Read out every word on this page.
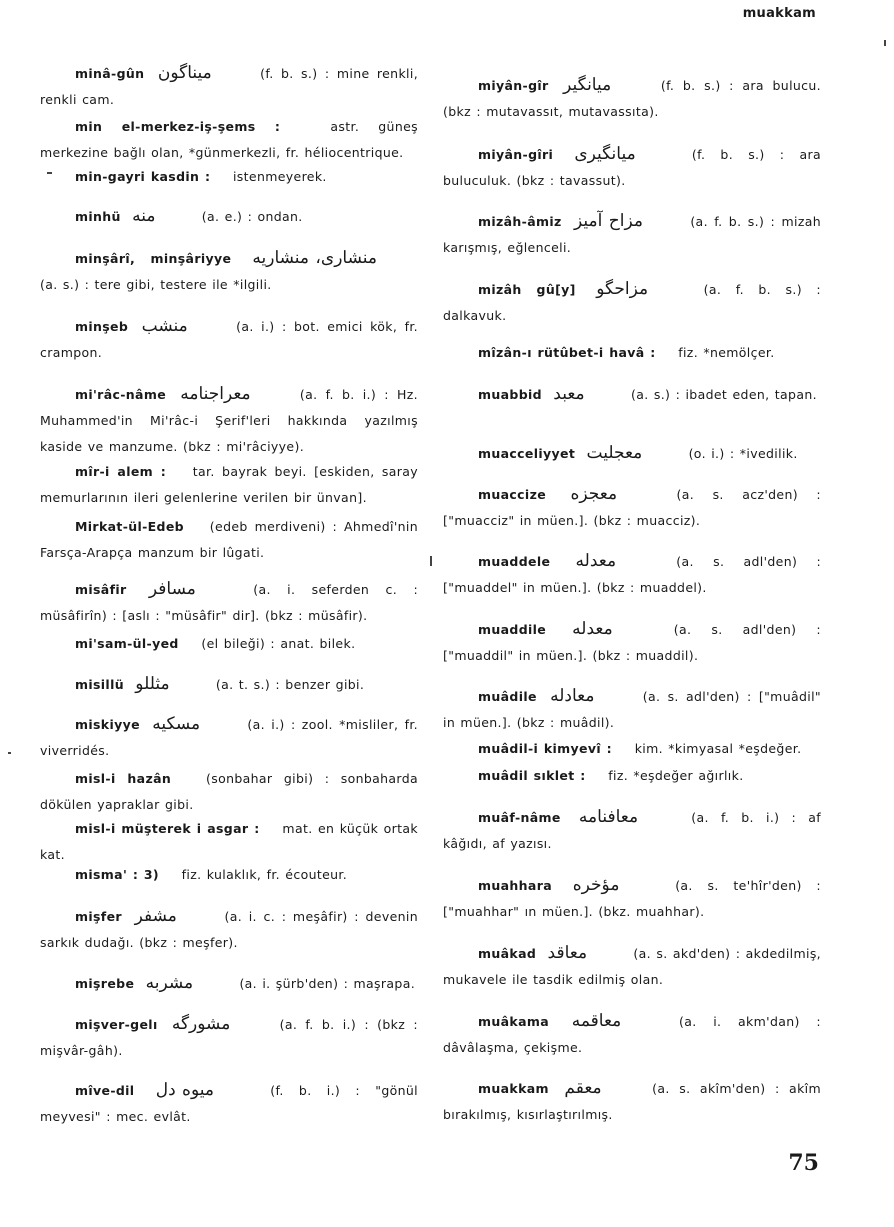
muakkam
minâ-gûn میناگون	(f. b. s.) : mine renkli, renkli cam.
min el-merkez-iş-şems :	astr. güneş merkezine bağlı olan, *günmerkezli, fr. héliocentrique.
min-gayri kasdin : istenmeyerek.
minhü منه	(a. e.) : ondan.
minşârî, minşâriyye منشاری، منشاریه (a. s.) : tere gibi, testere ile *ilgili.
minşeb منشب	(a. i.) : bot. emici kök, fr. crampon.
mi'râc-nâme معراجنامه	(a. f. b. i.) : Hz. Muhammed'in Mi'râc-i Şerif'leri hakkında yazılmış kaside ve manzume. (bkz : mi'râciyye).
mîr-i alem : tar. bayrak beyi. [eskiden, saray memurlarının ileri gelenlerine verilen bir ünvan].
Mirkat-ül-Edeb (edeb merdiveni) : Ahmedî'nin Farsça-Arapça manzum bir lûgati.
misâfir مسافر	(a. i. seferden c. : müsâfirîn) : [aslı : "müsâfir" dir]. (bkz : müsâfir).
mi'sam-ül-yed (el bileği) : anat. bilek.
misillü مثللو	(a. t. s.) : benzer gibi.
miskiyye مسكیه	(a. i.) : zool. *misliler, fr. viverridés.
misl-i hazân	(sonbahar gibi) : sonbaharda dökülen yapraklar gibi.
misl-i müşterek i asgar : mat. en küçük ortak kat.
misma' : 3) fiz. kulaklık, fr. écouteur.
mişfer مشفر	(a. i. c. : meşâfir) : devenin sarkık dudağı. (bkz : meşfer).
mişrebe مشربه	(a. i. şürb'den) : maşrapa.
mişver-gelı مشورگه	(a. f. b. i.) : (bkz : mişvâr-gâh).
mîve-dil میوه دل	(f. b. i.) : "gönül meyvesi" : mec. evlât.
miyân-gîr میانگیر	(f. b. s.) : ara bulucu. (bkz : mutavassıt, mutavassıta).
miyân-gîri میانگیری	(f. b. s.) : ara buluculuk. (bkz : tavassut).
mizâh-âmiz مزاح آمیز	(a. f. b. s.) : mizah karışmış, eğlenceli.
mizâh gû[y] مزاحگو	(a. f. b. s.) : dalkavuk.
mîzân-ı rütûbet-i havâ : fiz. *nemölçer.
muabbid معبد	(a. s.) : ibadet eden, tapan.
muacceliyyet معجلیت	(o. i.) : *ivedilik.
muaccize معجزه	(a. s. acz'den) : ["muacciz" in müen.]. (bkz : muacciz).
muaddele معدله	(a. s. adl'den) : ["muaddel" in müen.]. (bkz : muaddel).
muaddile معدله	(a. s. adl'den) : ["muaddil" in müen.]. (bkz : muaddil).
muâdile معادله	(a. s. adl'den) : ["muâdil" in müen.]. (bkz : muâdil).
muâdil-i kimyevî : kim. *kimyasal *eşdeğer.
muâdil sıklet : fiz. *eşdeğer ağırlık.
muâf-nâme معافنامه	(a. f. b. i.) : af kâğıdı, af yazısı.
muahhara مؤخره	(a. s. te'hîr'den) : ["muahhar" ın müen.]. (bkz. muahhar).
muâkad معاقد	(a. s. akd'den) : akdedilmiş, mukavele ile tasdik edilmiş olan.
muâkama معاقمه	(a. i. akm'dan) : dâvâlaşma, çekişme.
muakkam معقم	(a. s. akîm'den) : akîm bırakılmış, kısırlaştırılmış.
75
